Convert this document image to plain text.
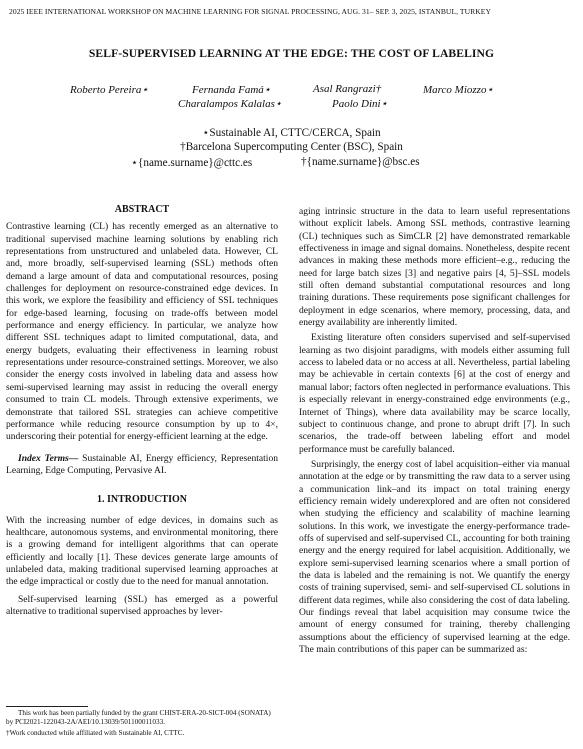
2025 IEEE INTERNATIONAL WORKSHOP ON MACHINE LEARNING FOR SIGNAL PROCESSING, AUG. 31– SEP. 3, 2025, ISTANBUL, TURKEY
SELF-SUPERVISED LEARNING AT THE EDGE: THE COST OF LABELING
Roberto Pereira⋆	Fernanda Famá⋆	Asal Rangrazi†	Marco Miozzo⋆
Charalampos Kalalas⋆	Paolo Dini⋆
⋆Sustainable AI, CTTC/CERCA, Spain
†Barcelona Supercomputing Center (BSC), Spain
⋆{name.surname}@cttc.es	†{name.surname}@bsc.es
ABSTRACT

Contrastive learning (CL) has recently emerged as an alternative to traditional supervised machine learning solutions by enabling rich representations from unstructured and unlabeled data. However, CL and, more broadly, self-supervised learning (SSL) methods often demand a large amount of data and computational resources, posing challenges for deployment on resource-constrained edge devices. In this work, we explore the feasibility and efficiency of SSL techniques for edge-based learning, focusing on trade-offs between model performance and energy efficiency. In particular, we analyze how different SSL techniques adapt to limited computational, data, and energy budgets, evaluating their effectiveness in learning robust representations under resource-constrained settings. Moreover, we also consider the energy costs involved in labeling data and assess how semi-supervised learning may assist in reducing the overall energy consumed to train CL models. Through extensive experiments, we demonstrate that tailored SSL strategies can achieve competitive performance while reducing resource consumption by up to 4×, underscoring their potential for energy-efficient learning at the edge.

Index Terms— Sustainable AI, Energy efficiency, Representation Learning, Edge Computing, Pervasive AI.

1. INTRODUCTION

With the increasing number of edge devices, in domains such as healthcare, autonomous systems, and environmental monitoring, there is a growing demand for intelligent algorithms that can operate efficiently and locally [1]. These devices generate large amounts of unlabeled data, making traditional supervised learning approaches at the edge impractical or costly due to the need for manual annotation.

Self-supervised learning (SSL) has emerged as a powerful alternative to traditional supervised approaches by lever-

This work has been partially funded by the grant CHIST-ERA-20-SICT-004 (SONATA) by PCI2021-122043-2A/AEI/10.13039/501100011033.
†Work conducted while affiliated with Sustainable AI, CTTC.

aging intrinsic structure in the data to learn useful representations without explicit labels. Among SSL methods, contrastive learning (CL) techniques such as SimCLR [2] have demonstrated remarkable effectiveness in image and signal domains. Nonetheless, despite recent advances in making these methods more efficient–e.g., reducing the need for large batch sizes [3] and negative pairs [4, 5]–SSL models still often demand substantial computational resources and long training durations. These requirements pose significant challenges for deployment in edge scenarios, where memory, processing, data, and energy availability are inherently limited.

Existing literature often considers supervised and self-supervised learning as two disjoint paradigms, with models either assuming full access to labeled data or no access at all. Nevertheless, partial labeling may be achievable in certain contexts [6] at the cost of energy and manual labor; factors often neglected in performance evaluations. This is especially relevant in energy-constrained edge environments (e.g., Internet of Things), where data availability may be scarce locally, subject to continuous change, and prone to abrupt drift [7]. In such scenarios, the trade-off between labeling effort and model performance must be carefully balanced.

Surprisingly, the energy cost of label acquisition–either via manual annotation at the edge or by transmitting the raw data to a server using a communication link–and its impact on total training energy efficiency remain widely underexplored and are often not considered when studying the efficiency and scalability of machine learning solutions. In this work, we investigate the energy-performance trade-offs of supervised and self-supervised CL, accounting for both training energy and the energy required for label acquisition. Additionally, we explore semi-supervised learning scenarios where a small portion of the data is labeled and the remaining is not. We quantify the energy costs of training supervised, semi- and self-supervised CL solutions in different data regimes, while also considering the cost of data labeling. Our findings reveal that label acquisition may consume twice the amount of energy consumed for training, thereby challenging assumptions about the efficiency of supervised learning at the edge. The main contributions of this paper can be summarized as:
